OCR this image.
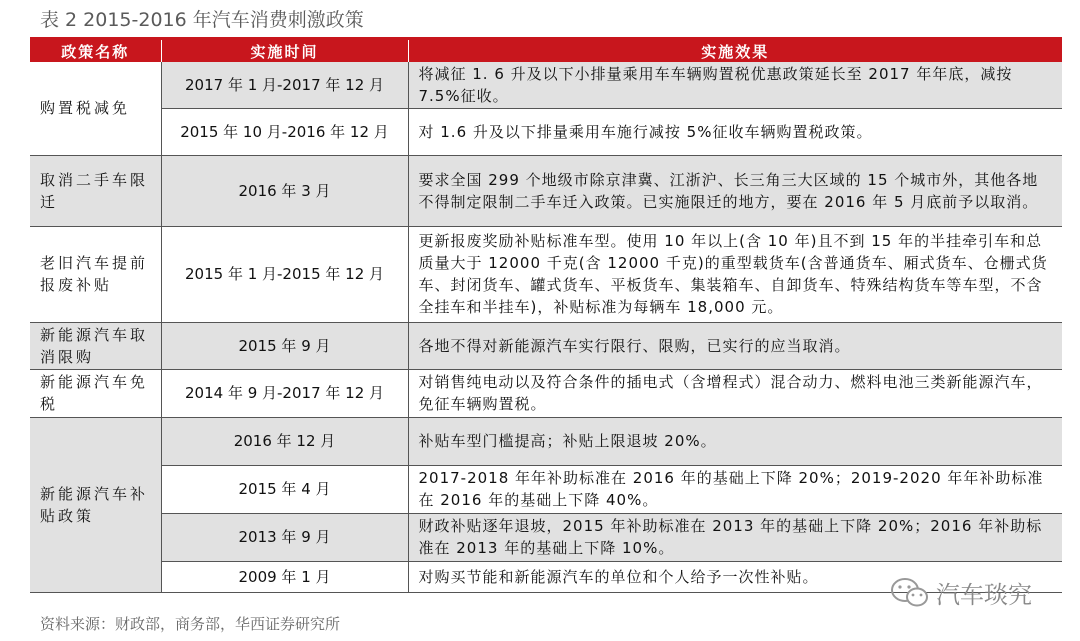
表 2 2015-2016 年汽车消费刺激政策
政策名称	实施时间	实施效果
购置税减免	2017 年 1 月-2017 年 12 月	将减征 1. 6 升及以下小排量乘用车车辆购置税优惠政策延长至 2017 年年底，减按 7.5%征收。
	2015 年 10 月-2016 年 12 月	对 1.6 升及以下排量乘用车施行减按 5%征收车辆购置税政策。
取消二手车限迁	2016 年 3 月	要求全国 299 个地级市除京津冀、江浙沪、长三角三大区域的 15 个城市外，其他各地不得制定限制二手车迁入政策。已实施限迁的地方，要在 2016 年 5 月底前予以取消。
老旧汽车提前报废补贴	2015 年 1 月-2015 年 12 月	更新报废奖励补贴标准车型。使用 10 年以上(含 10 年)且不到 15 年的半挂牵引车和总质量大于 12000 千克(含 12000 千克)的重型载货车(含普通货车、厢式货车、仓栅式货车、封闭货车、罐式货车、平板货车、集装箱车、自卸货车、特殊结构货车等车型，不含全挂车和半挂车)，补贴标准为每辆车 18,000 元。
新能源汽车取消限购	2015 年 9 月	各地不得对新能源汽车实行限行、限购，已实行的应当取消。
新能源汽车免税	2014 年 9 月-2017 年 12 月	对销售纯电动以及符合条件的插电式（含增程式）混合动力、燃料电池三类新能源汽车，免征车辆购置税。
新能源汽车补贴政策	2016 年 12 月	补贴车型门槛提高；补贴上限退坡 20%。
	2015 年 4 月	2017-2018 年年补助标准在 2016 年的基础上下降 20%；2019-2020 年年补助标准在 2016 年的基础上下降 40%。
	2013 年 9 月	财政补贴逐年退坡，2015 年补助标准在 2013 年的基础上下降 20%；2016 年补助标准在 2013 年的基础上下降 10%。
	2009 年 1 月	对购买节能和新能源汽车的单位和个人给予一次性补贴。
资料来源：财政部，商务部，华西证券研究所
汽车琰究
